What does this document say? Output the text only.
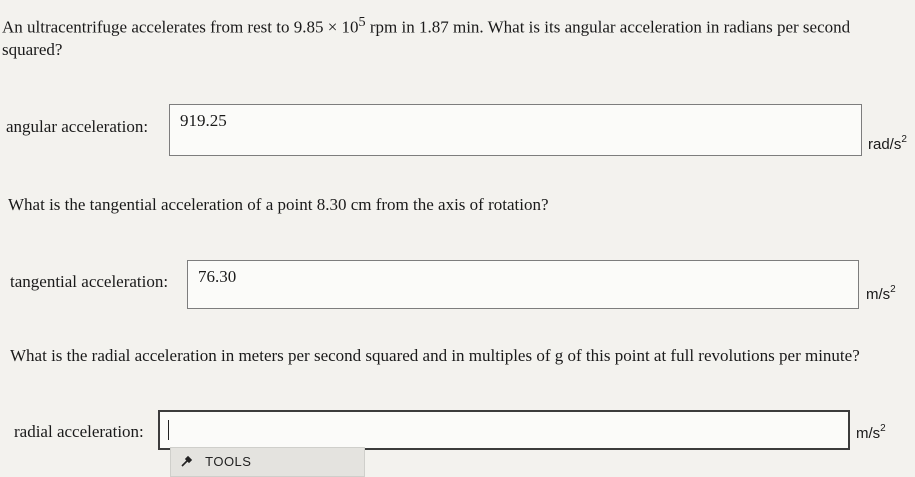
An ultracentrifuge accelerates from rest to $9.85 \times 10^5$ rpm in 1.87 min. What is its angular acceleration in radians per second squared?
angular acceleration:	919.25
rad/$s^2$
What is the tangential acceleration of a point 8.30 cm from the axis of rotation?
tangential acceleration:	76.30
$m/s^2$
What is the radial acceleration in meters per second squared and in multiples of g of this point at full revolutions per minute?
radial acceleration:	$m/s^2$
TOOLS
